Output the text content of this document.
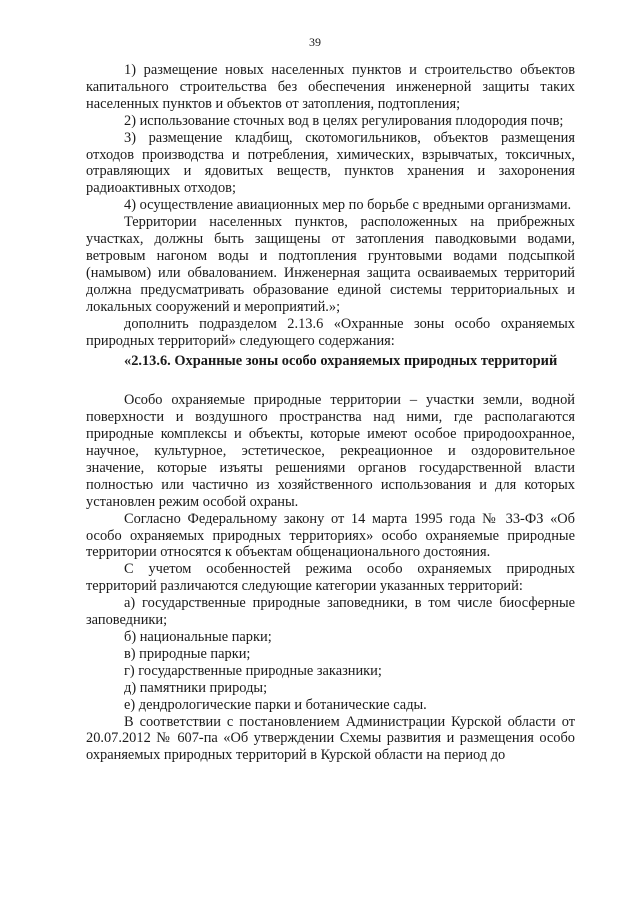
39

1) размещение новых населенных пунктов и строительство объектов капитального строительства без обеспечения инженерной защиты таких населенных пунктов и объектов от затопления, подтопления;

2) использование сточных вод в целях регулирования плодородия почв;

3) размещение кладбищ, скотомогильников, объектов размещения отходов производства и потребления, химических, взрывчатых, токсичных, отравляющих и ядовитых веществ, пунктов хранения и захоронения радиоактивных отходов;

4) осуществление авиационных мер по борьбе с вредными организмами.

Территории населенных пунктов, расположенных на прибрежных участках, должны быть защищены от затопления паводковыми водами, ветровым нагоном воды и подтопления грунтовыми водами подсыпкой (намывом) или обвалованием. Инженерная защита осваиваемых территорий должна предусматривать образование единой системы территориальных и локальных сооружений и мероприятий.»;

дополнить подразделом 2.13.6 «Охранные зоны особо охраняемых природных территорий» следующего содержания:

«2.13.6. Охранные зоны особо охраняемых природных территорий

Особо охраняемые природные территории – участки земли, водной поверхности и воздушного пространства над ними, где располагаются природные комплексы и объекты, которые имеют особое природоохранное, научное, культурное, эстетическое, рекреационное и оздоровительное значение, которые изъяты решениями органов государственной власти полностью или частично из хозяйственного использования и для которых установлен режим особой охраны.

Согласно Федеральному закону от 14 марта 1995 года № 33-ФЗ «Об особо охраняемых природных территориях» особо охраняемые природные территории относятся к объектам общенационального достояния.

С учетом особенностей режима особо охраняемых природных территорий различаются следующие категории указанных территорий:

а) государственные природные заповедники, в том числе биосферные заповедники;

б) национальные парки;

в) природные парки;

г) государственные природные заказники;

д) памятники природы;

е) дендрологические парки и ботанические сады.

В соответствии с постановлением Администрации Курской области от 20.07.2012 № 607-па «Об утверждении Схемы развития и размещения особо охраняемых природных территорий в Курской области на период до
